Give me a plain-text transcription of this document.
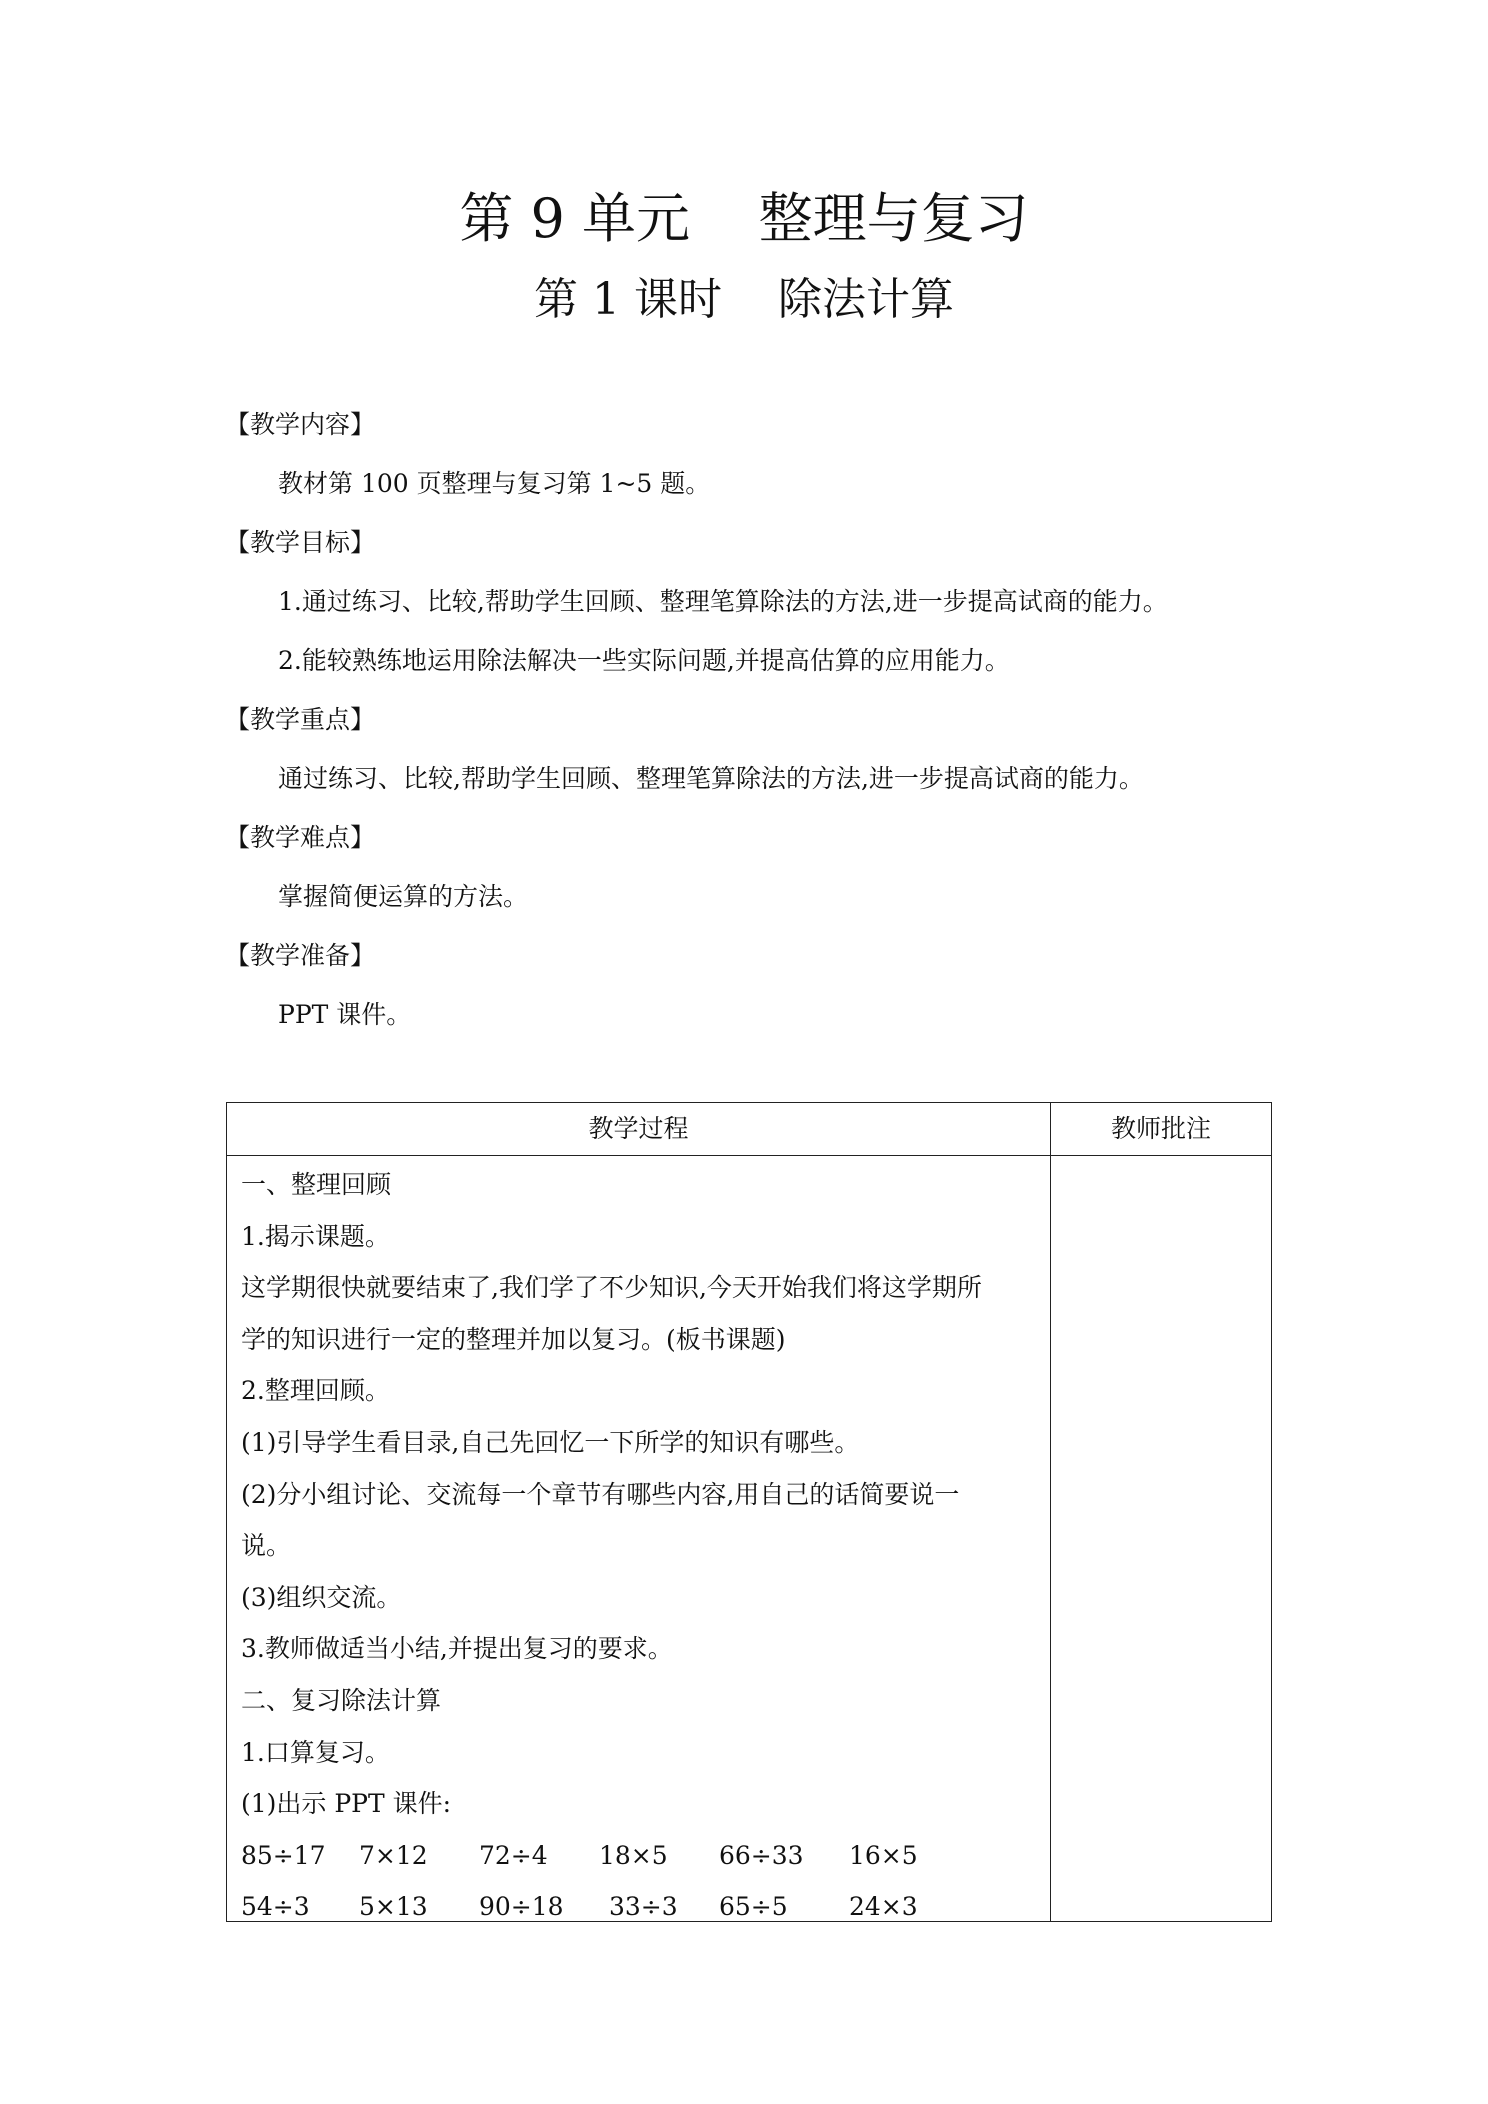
第 9 单元    整理与复习
第 1 课时    除法计算
【教学内容】
教材第 100 页整理与复习第 1~5 题。
【教学目标】
1.通过练习、比较,帮助学生回顾、整理笔算除法的方法,进一步提高试商的能力。
2.能较熟练地运用除法解决一些实际问题,并提高估算的应用能力。
【教学重点】
通过练习、比较,帮助学生回顾、整理笔算除法的方法,进一步提高试商的能力。
【教学难点】
掌握简便运算的方法。
【教学准备】
PPT 课件。
教学过程	教师批注
一、整理回顾
1.揭示课题。
这学期很快就要结束了,我们学了不少知识,今天开始我们将这学期所
学的知识进行一定的整理并加以复习。(板书课题)
2.整理回顾。
(1)引导学生看目录,自己先回忆一下所学的知识有哪些。
(2)分小组讨论、交流每一个章节有哪些内容,用自己的话简要说一
说。
(3)组织交流。
3.教师做适当小结,并提出复习的要求。
二、复习除法计算
1.口算复习。
(1)出示 PPT 课件:
85÷17	7×12	72÷4	18×5	66÷33	16×5
54÷3	5×13	90÷18	33÷3	65÷5	24×3
